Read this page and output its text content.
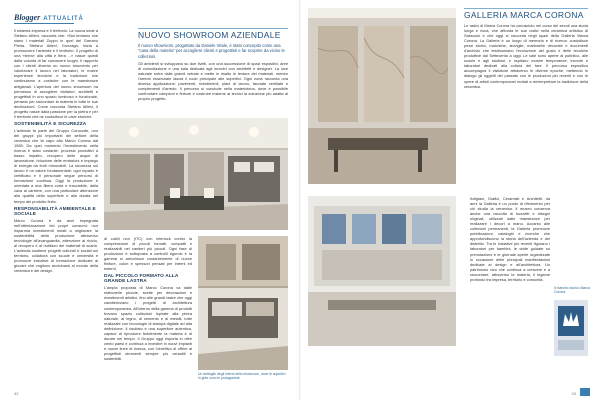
Blogger ATTUALITÀ

Il sistema impresa e il territorio. La nuova sede a Stefano Allievi, racconta che: «Noi teniamo che siano i materiali Zuppo in quel del Garrano Pietra. Stefano Allievi, Gonzaga, inizia a promuovere l'azienda e il territorio. Il progetto di una «terra» alla città e fiera ...» nasce quindi dalla volontà di far conoscere luoghi. Il rapporto con i clienti diventa un nuovo strumento per valorizzare il lavoro nei laboratori, le nostre esperienze tecniche e la tradizione che continuiamo a costruire con le maestranze artigianali. L'apertura del nuovo showroom ha permesso di accogliere visitatori, architetti e progettisti in uno spazio luminoso e funzionale, pensato per raccontare la materia in tutte le sue declinazioni. Come racconta Stefano Allievi, il progetto nasce dalla passione per la pietra e per il territorio che ne custodisce le cave storiche.

SOSTENIBILITÀ E SICUREZZA

L'azienda fa parte del Gruppo Concorde, uno dei gruppi più importanti del settore della ceramica che fa capo alla Marco Corona dal 1985. Da quel momento l'investimento nella ricerca è stato costante: processi produttivi a basso impatto, recupero delle acque di lavorazione, riduzione delle emissioni e impiego di energia da fonti rinnovabili. La sicurezza sul lavoro è un valore fondamentale: ogni reparto è certificato e il personale segue percorsi di formazione continua. Oggi la produzione è orientata a una filiera corta e tracciabile, dalla cava al cantiere, con una particolare attenzione alla qualità della superficie e alla durata nel tempo del prodotto finito.

RESPONSABILITÀ AMBIENTALE E SOCIALE

Marco Corona è da anni impegnata nell'ottimizzazione dei propri consumi: non risparmia investimenti mirati a migliorare la sostenibilità della produzione attraverso tecnologie all'avanguardia, attenzione al riciclo, al recupero e al riutilizzo dei materiali di scarto. L'azienda sostiene progetti culturali e sociali sul territorio, collabora con scuole e università e promuove iniziative di formazione dedicate ai giovani che vogliono avvicinarsi al mondo della ceramica e del design.

NUOVO SHOWROOM AZIENDALE

Il nuovo showroom, progettato da Daniele Vitale, è stato concepito come una "casa della materia" per accogliere clienti e progettisti e far scoprire da vicino le collezioni.

Gli ambienti si sviluppano su due livelli, con una successione di spazi espositivi, aree di consultazione e una sala dedicata agli incontri con architetti e designer. La luce naturale entra dalle grandi vetrate e mette in risalto le texture dei materiali, mentre l'arredo essenziale lascia il ruolo principale alle superfici. Ogni zona racconta una diversa applicazione: pavimenti, rivestimenti, piani di lavoro, facciate ventilate e complementi d'arredo. Il percorso si conclude nella materioteca, dove è possibile confrontare campioni e finiture e costruire insieme ai tecnici la soluzione più adatta al proprio progetto.

di cubili non (ITC) con interlock contro la compressione di piccoli formati, compatti e realizzabili nei cantieri più piccoli. Ogni fase di produzione è sottoposta a controlli rigorosi e la gamma si arricchisce costantemente di nuove finiture, colori e spessori pensati per interni ed esterni.

DAL PICCOLO FORMATO ALLA GRANDE LASTRA

L'ampia proposta di Marco Corona va dalle mattonelle piccole, scelte per decorazioni e rivestimenti artistici, fino alle grandi lastre che oggi caratterizzano i progetti di architettura contemporanea. All'interno della gamma di prodotti trovano spazio collezioni ispirate alla pietra naturale, al legno, al cemento e ai metalli, tutte realizzate con tecnologie di stampa digitale ad alta definizione. Il risultato è una superficie autentica, capace di riprodurre fedelmente la materia e di durare nel tempo. Il Gruppo oggi esporta in oltre cento paesi e continua a investire in nuovi impianti e nuove linee di ricerca, con l'obiettivo di offrire ai progettisti strumenti sempre più versatili e sostenibili.

Un dettaglio degli interni dello showroom, dove le superfici in grès sono le protagoniste.
42
GALLERIA MARCA CORONA

Le radici di Marca Corona ha conosciuto nel corso dei secoli una storia lunga e ricca, che affonda le sue radici nella ceramica artistica di Sassuolo e che oggi si racconta negli spazi della Galleria Marca Corona. La Galleria è un luogo di memoria e di ricerca: custodisce pezzi storici, maioliche, stoviglie, mattonelle decorate e documenti d'archivio che testimoniano l'evoluzione del gusto e delle tecniche produttive dal Settecento a oggi. Le sale sono aperte al pubblico, alle scuole e agli studiosi, e ospitano mostre temporanee, incontri e laboratori dedicati alla cultura del fare. Il percorso espositivo accompagna il visitatore attraverso le diverse epoche, mettendo in dialogo gli oggetti del passato con le produzioni più recenti e con le opere di artisti contemporanei invitati a reinterpretare la tradizione della ceramica.

Artigiani, Grafici, Ceramisti e Architetti: da anni la Galleria è un punto di riferimento per chi studia la ceramica. Il museo conserva anche una raccolta di bozzetti e disegni originali, utilizzati dalle maestranze per realizzare i decori a mano. Accanto alle collezioni permanenti, la Galleria promuove pubblicazioni, cataloghi e ricerche che approfondiscono la storia dell'azienda e del distretto. Tra le iniziative più recenti figurano i laboratori per bambini, le visite guidate su prenotazione e le giornate aperte organizzate in occasione delle principali manifestazioni dedicate al design e all'architettura. Un patrimonio vivo che continua a crescere e a raccontare, attraverso la materia, il legame profondo tra impresa, territorio e comunità.

Il marchio storico Marca Corona.
43
